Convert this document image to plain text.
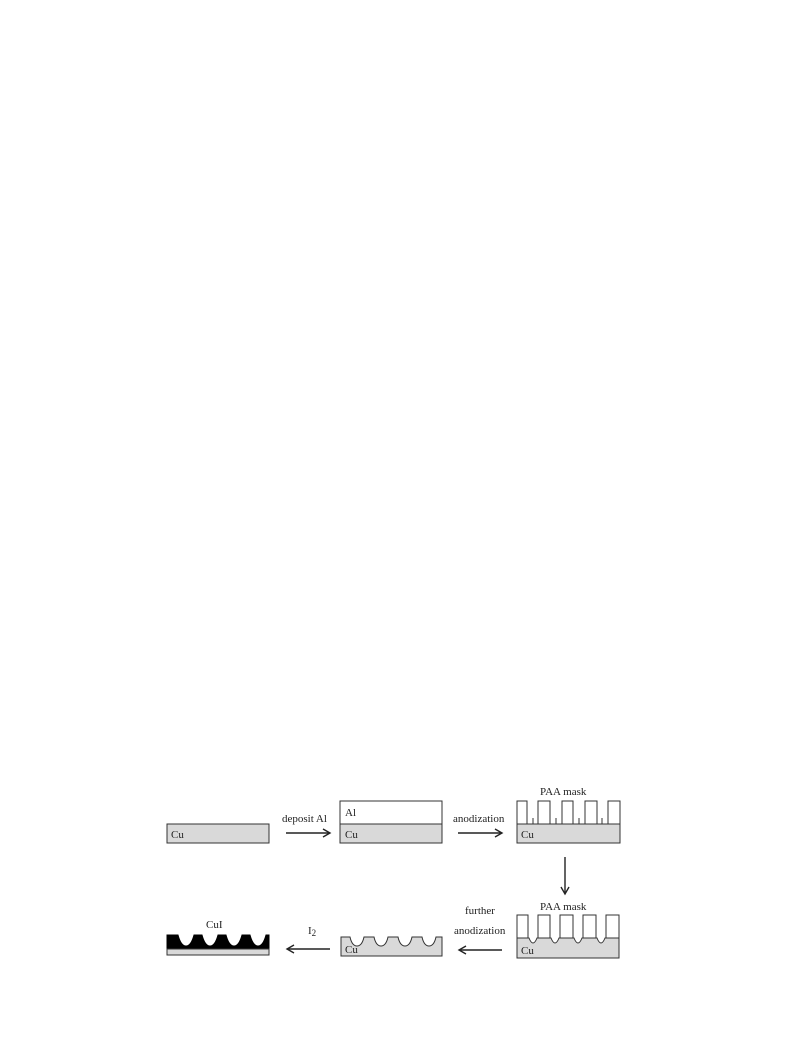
Cu
deposit Al Al
Cu
anodization
PAA mask
Cu
PAA mask
Cu
further
anodization
Cu
I2
CuI
